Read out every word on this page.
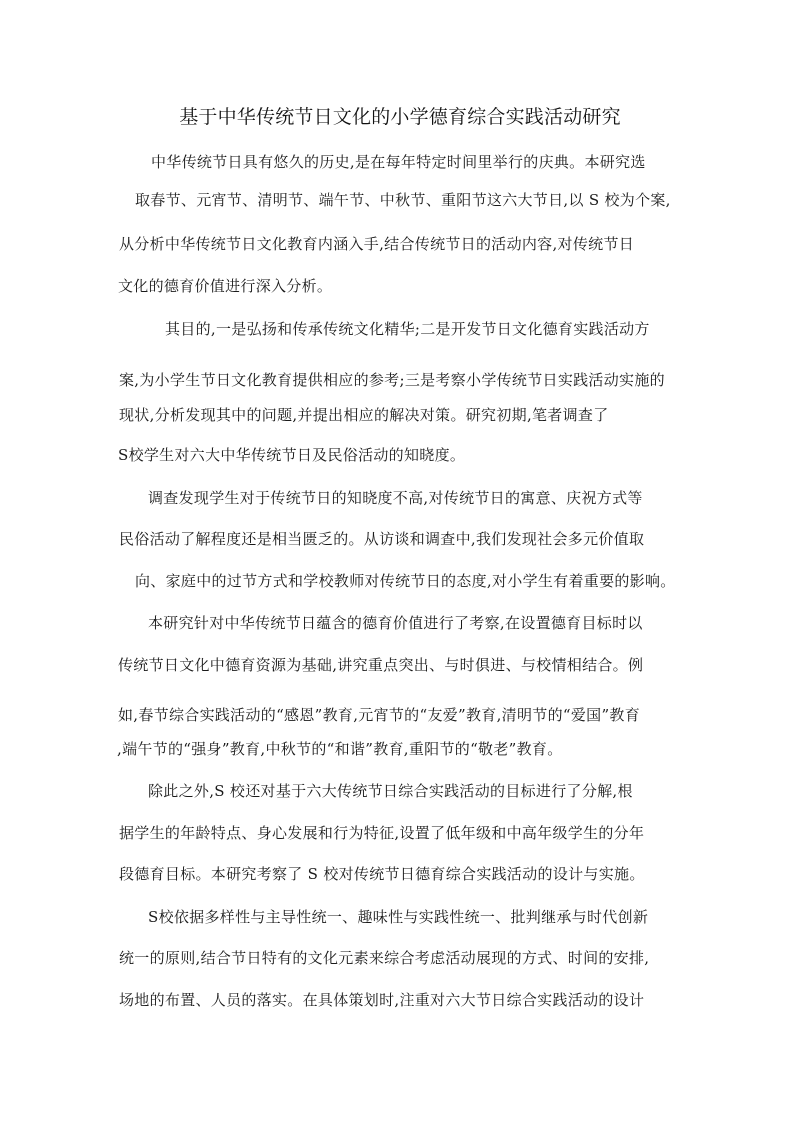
基于中华传统节日文化的小学德育综合实践活动研究
中华传统节日具有悠久的历史,是在每年特定时间里举行的庆典。本研究选
取春节、元宵节、清明节、端午节、中秋节、重阳节这六大节日,以 S 校为个案,
从分析中华传统节日文化教育内涵入手,结合传统节日的活动内容,对传统节日
文化的德育价值进行深入分析。
其目的,一是弘扬和传承传统文化精华;二是开发节日文化德育实践活动方
案,为小学生节日文化教育提供相应的参考;三是考察小学传统节日实践活动实施的
现状,分析发现其中的问题,并提出相应的解决对策。研究初期,笔者调查了
S校学生对六大中华传统节日及民俗活动的知晓度。
调查发现学生对于传统节日的知晓度不高,对传统节日的寓意、庆祝方式等
民俗活动了解程度还是相当匮乏的。从访谈和调查中,我们发现社会多元价值取
向、家庭中的过节方式和学校教师对传统节日的态度,对小学生有着重要的影响。
本研究针对中华传统节日蕴含的德育价值进行了考察,在设置德育目标时以
传统节日文化中德育资源为基础,讲究重点突出、与时俱进、与校情相结合。例
如,春节综合实践活动的“感恩”教育,元宵节的“友爱”教育,清明节的“爱国”教育
,端午节的“强身”教育,中秋节的“和谐”教育,重阳节的“敬老”教育。
除此之外,S 校还对基于六大传统节日综合实践活动的目标进行了分解,根
据学生的年龄特点、身心发展和行为特征,设置了低年级和中高年级学生的分年
段德育目标。本研究考察了 S 校对传统节日德育综合实践活动的设计与实施。
S校依据多样性与主导性统一、趣味性与实践性统一、批判继承与时代创新
统一的原则,结合节日特有的文化元素来综合考虑活动展现的方式、时间的安排,
场地的布置、人员的落实。在具体策划时,注重对六大节日综合实践活动的设计
